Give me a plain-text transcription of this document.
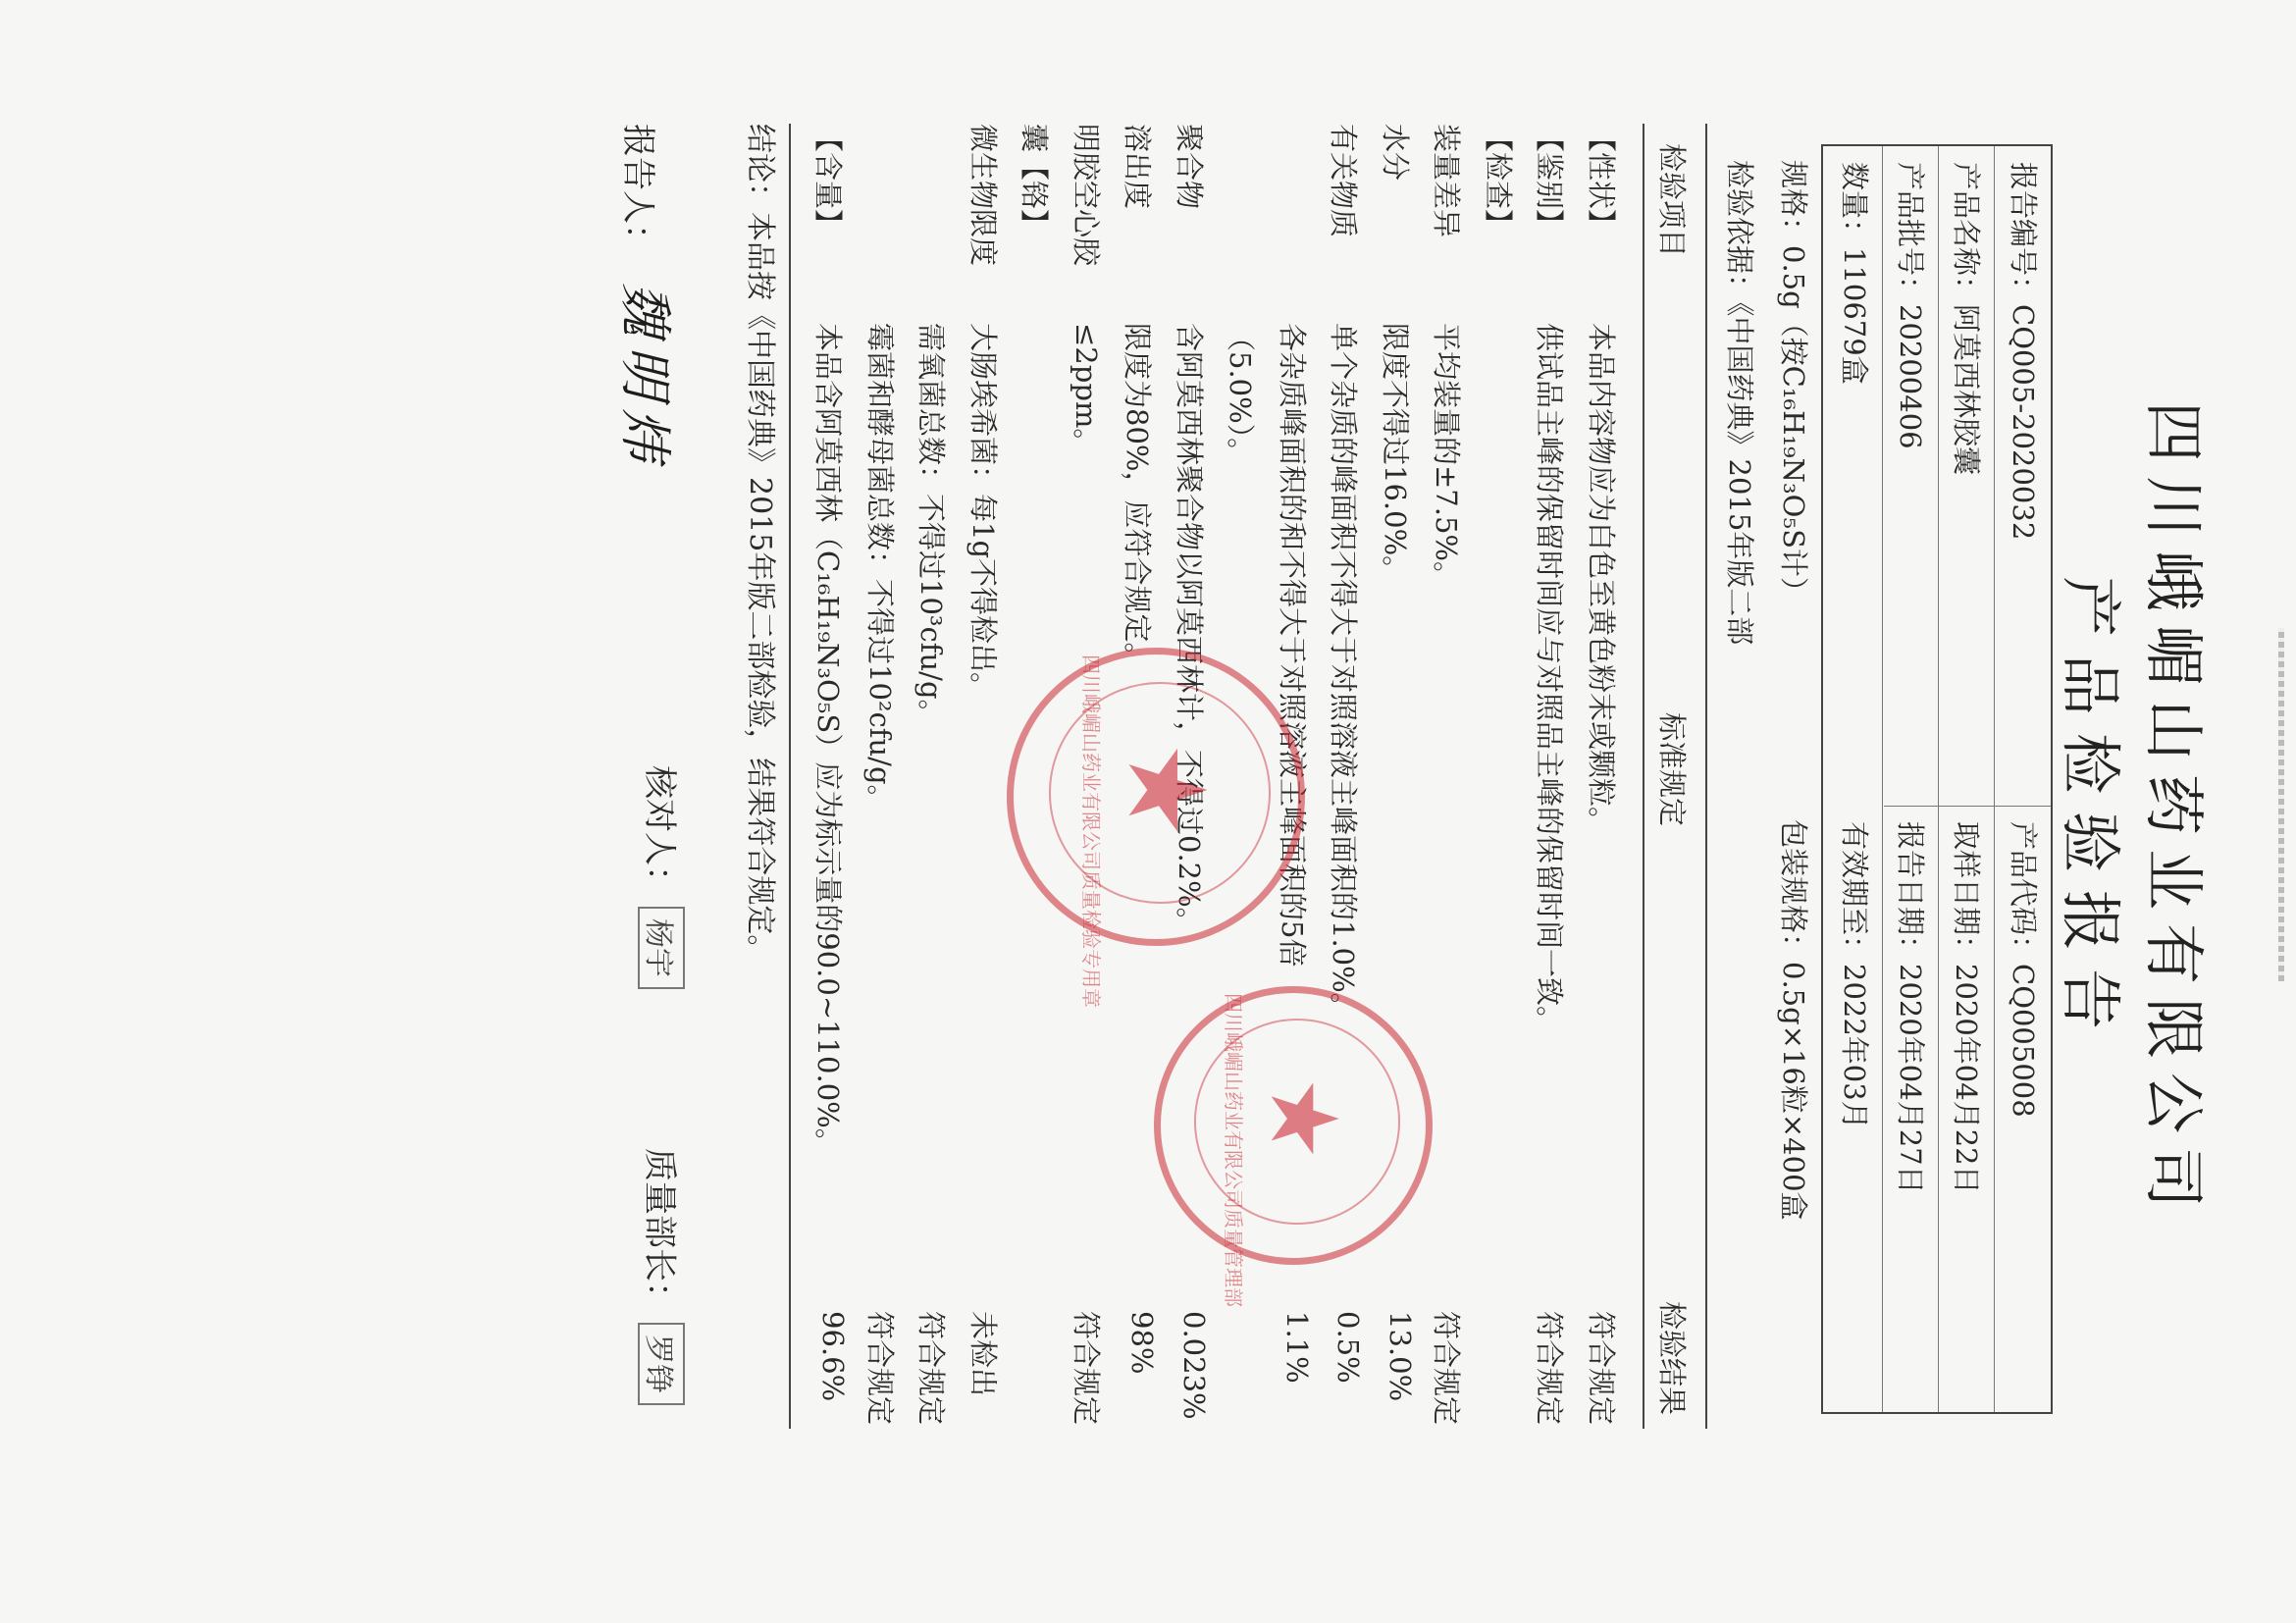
四川峨嵋山药业有限公司
产品检验报告
报告编号：CQ005-2020032
产品代码：CQ005008
产品名称：阿莫西林胶囊
取样日期：2020年04月22日
产品批号：20200406
报告日期：2020年04月27日
数量：110679盒
有效期至：2022年03月
规格：0.5g（按C₁₆H₁₉N₃O₅S计）
包装规格：0.5g×16粒×400盒
检验依据：《中国药典》2015年版二部
检验项目
标准规定
检验结果
【性状】
本品内容物应为白色至黄色粉末或颗粒。
符合规定
【鉴别】
供试品主峰的保留时间应与对照品主峰的保留时间一致。
符合规定
【检查】
装量差异
平均装量的±7.5%。
符合规定
水分
限度不得过16.0%。
13.0%
有关物质
单个杂质的峰面积不得大于对照溶液主峰面积的1.0%。
0.5%
各杂质峰面积的和不得大于对照溶液主峰面积的5倍
1.1%
（5.0%）。
聚合物
含阿莫西林聚合物以阿莫西林计，不得过0.2%。
0.023%
溶出度
限度为80%，应符合规定。
98%
明胶空心胶
≤2ppm。
符合规定
囊【铬】
微生物限度
大肠埃希菌：每1g不得检出。
未检出
需氧菌总数：不得过10³cfu/g。
符合规定
霉菌和酵母菌总数：不得过10²cfu/g。
符合规定
【含量】
本品含阿莫西林（C₁₆H₁₉N₃O₅S）应为标示量的90.0~110.0%。
96.6%
结论：本品按《中国药典》2015年版二部检验，结果符合规定。
报告人：魏明炜
核对人：杨宇
质量部长：罗铮
★
四川峨嵋山药业有限公司质量检验专用章
★
四川峨嵋山药业有限公司质量管理部
